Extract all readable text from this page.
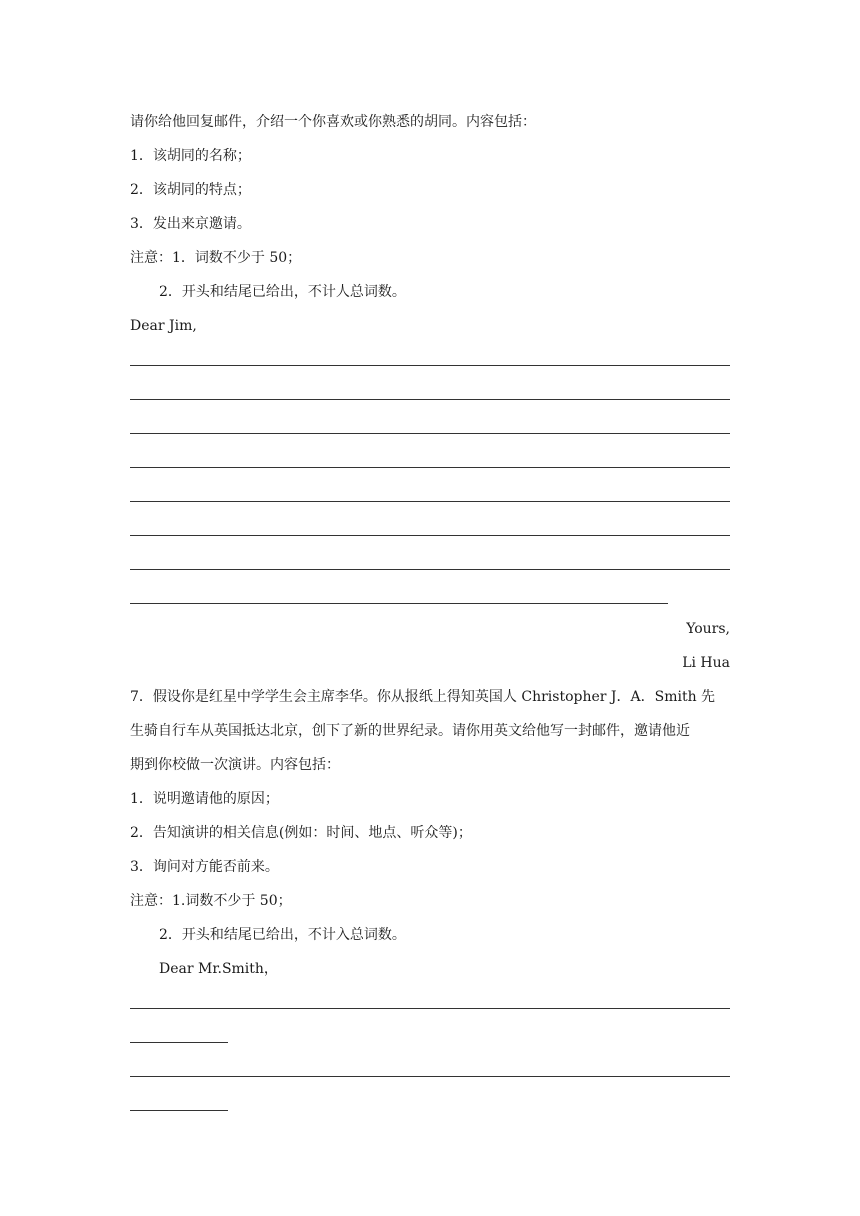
请你给他回复邮件，介绍一个你喜欢或你熟悉的胡同。内容包括：
1．该胡同的名称；
2．该胡同的特点；
3．发出来京邀请。
注意：1．词数不少于 50；
2．开头和结尾已给出，不计人总词数。
Dear Jim,
Yours,
Li Hua
7．假设你是红星中学学生会主席李华。你从报纸上得知英国人 Christopher J．A．Smith 先
生骑自行车从英国抵达北京，创下了新的世界纪录。请你用英文给他写一封邮件，邀请他近
期到你校做一次演讲。内容包括：
1．说明邀请他的原因；
2．告知演讲的相关信息(例如：时间、地点、听众等)；
3．询问对方能否前来。
注意：1.词数不少于 50；
2．开头和结尾已给出，不计入总词数。
Dear Mr.Smith，
